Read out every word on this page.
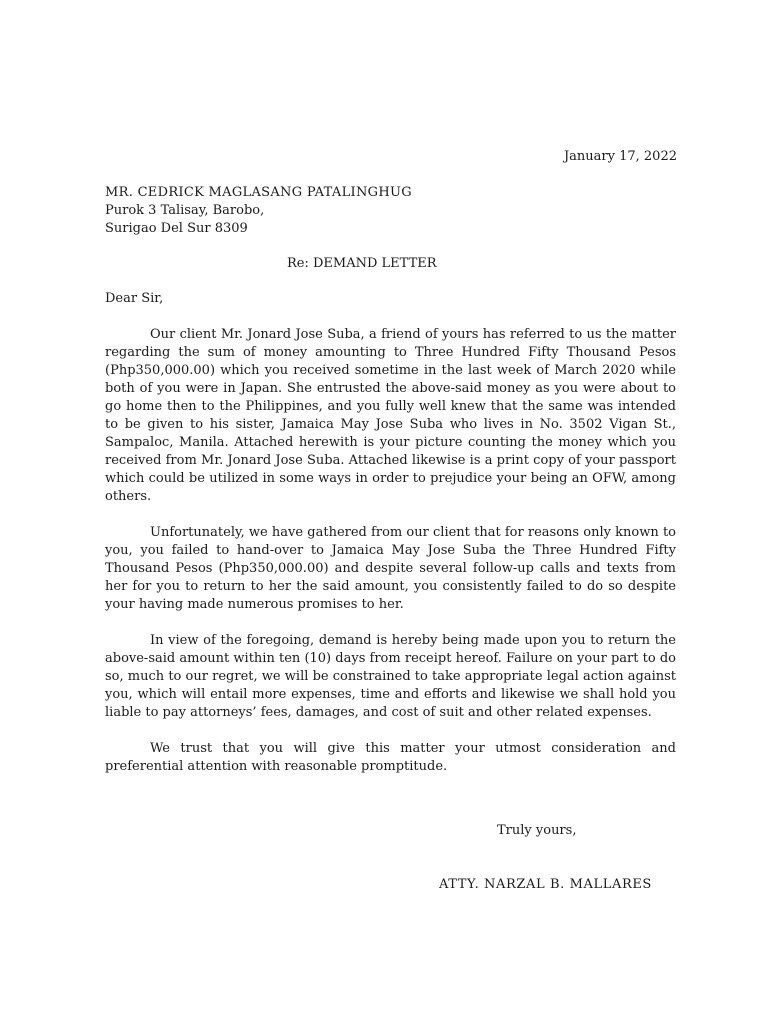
January 17, 2022

MR. CEDRICK MAGLASANG PATALINGHUG
Purok 3 Talisay, Barobo,
Surigao Del Sur 8309

Re: DEMAND LETTER

Dear Sir,

Our client Mr. Jonard Jose Suba, a friend of yours has referred to us the matter regarding the sum of money amounting to Three Hundred Fifty Thousand Pesos (Php350,000.00) which you received sometime in the last week of March 2020 while both of you were in Japan. She entrusted the above-said money as you were about to go home then to the Philippines, and you fully well knew that the same was intended to be given to his sister, Jamaica May Jose Suba who lives in No. 3502 Vigan St., Sampaloc, Manila. Attached herewith is your picture counting the money which you received from Mr. Jonard Jose Suba. Attached likewise is a print copy of your passport which could be utilized in some ways in order to prejudice your being an OFW, among others.

Unfortunately, we have gathered from our client that for reasons only known to you, you failed to hand-over to Jamaica May Jose Suba the Three Hundred Fifty Thousand Pesos (Php350,000.00) and despite several follow-up calls and texts from her for you to return to her the said amount, you consistently failed to do so despite your having made numerous promises to her.

In view of the foregoing, demand is hereby being made upon you to return the above-said amount within ten (10) days from receipt hereof. Failure on your part to do so, much to our regret, we will be constrained to take appropriate legal action against you, which will entail more expenses, time and efforts and likewise we shall hold you liable to pay attorneys’ fees, damages, and cost of suit and other related expenses.

We trust that you will give this matter your utmost consideration and preferential attention with reasonable promptitude.

Truly yours,

ATTY. NARZAL B. MALLARES
